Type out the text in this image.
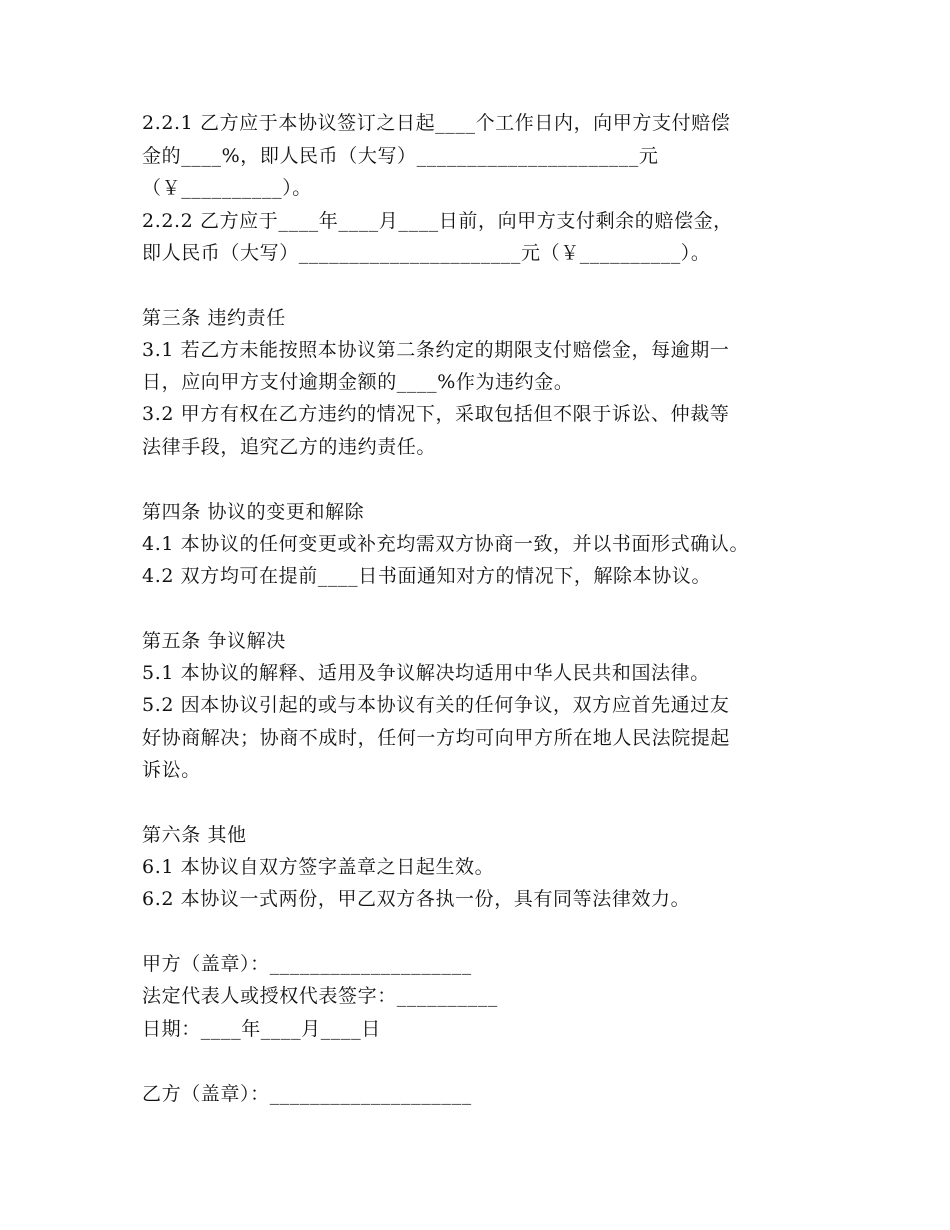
2.2.1 乙方应于本协议签订之日起____个工作日内，向甲方支付赔偿
金的____%，即人民币（大写）______________________元
（￥__________）。
2.2.2 乙方应于____年____月____日前，向甲方支付剩余的赔偿金，
即人民币（大写）______________________元（￥__________）。
第三条 违约责任
3.1 若乙方未能按照本协议第二条约定的期限支付赔偿金，每逾期一
日，应向甲方支付逾期金额的____%作为违约金。
3.2 甲方有权在乙方违约的情况下，采取包括但不限于诉讼、仲裁等
法律手段，追究乙方的违约责任。
第四条 协议的变更和解除
4.1 本协议的任何变更或补充均需双方协商一致，并以书面形式确认。
4.2 双方均可在提前____日书面通知对方的情况下，解除本协议。
第五条 争议解决
5.1 本协议的解释、适用及争议解决均适用中华人民共和国法律。
5.2 因本协议引起的或与本协议有关的任何争议，双方应首先通过友
好协商解决；协商不成时，任何一方均可向甲方所在地人民法院提起
诉讼。
第六条 其他
6.1 本协议自双方签字盖章之日起生效。
6.2 本协议一式两份，甲乙双方各执一份，具有同等法律效力。
甲方（盖章）：____________________
法定代表人或授权代表签字：__________
日期：____年____月____日
乙方（盖章）：____________________
